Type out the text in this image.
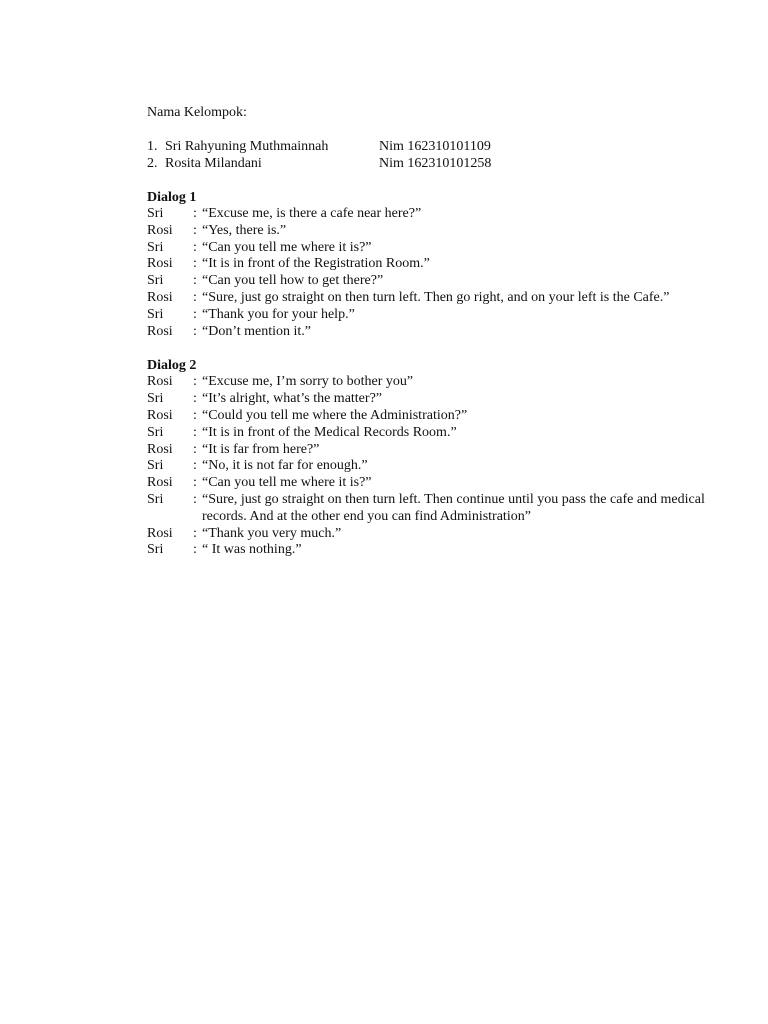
Nama Kelompok:
1. Sri Rahyuning Muthmainnah	Nim 162310101109
2. Rosita Milandani	Nim 162310101258
Dialog 1
Sri	: “Excuse me, is there a cafe near here?”
Rosi	: “Yes, there is.”
Sri	: “Can you tell me where it is?”
Rosi	: “It is in front of the Registration Room.”
Sri	: “Can you tell how to get there?”
Rosi	: “Sure, just go straight on then turn left. Then go right, and on your left is the Cafe.”
Sri	: “Thank you for your help.”
Rosi	: “Don’t mention it.”
Dialog 2
Rosi	: “Excuse me, I’m sorry to bother you”
Sri	: “It’s alright, what’s the matter?”
Rosi	: “Could you tell me where the Administration?”
Sri	: “It is in front of the Medical Records Room.”
Rosi	: “It is far from here?”
Sri	: “No, it is not far for enough.”
Rosi	: “Can you tell me where it is?”
Sri	: “Sure, just go straight on then turn left. Then continue until you pass the cafe and medical records. And at the other end you can find Administration”
Rosi	: “Thank you very much.”
Sri	: “ It was nothing.”
